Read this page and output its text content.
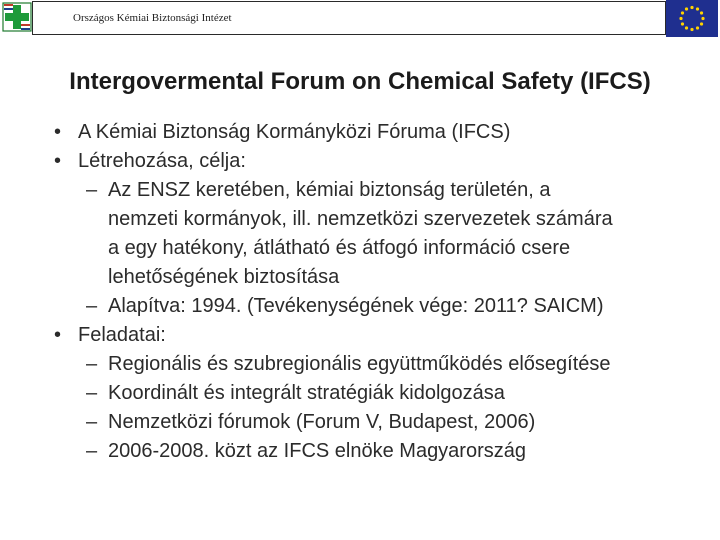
Országos Kémiai Biztonsági Intézet
Intergovermental Forum on Chemical Safety (IFCS)
• A Kémiai Biztonság Kormányközi Fóruma (IFCS)
• Létrehozása, célja:
– Az ENSZ keretében, kémiai biztonság területén, a
nemzeti kormányok, ill. nemzetközi szervezetek számára
a egy hatékony, átlátható és átfogó információ csere
lehetőségének biztosítása
– Alapítva: 1994. (Tevékenységének vége: 2011? SAICM)
• Feladatai:
– Regionális és szubregionális együttműködés elősegítése
– Koordinált és integrált stratégiák kidolgozása
– Nemzetközi fórumok (Forum V, Budapest, 2006)
– 2006-2008. közt az IFCS elnöke Magyarország
